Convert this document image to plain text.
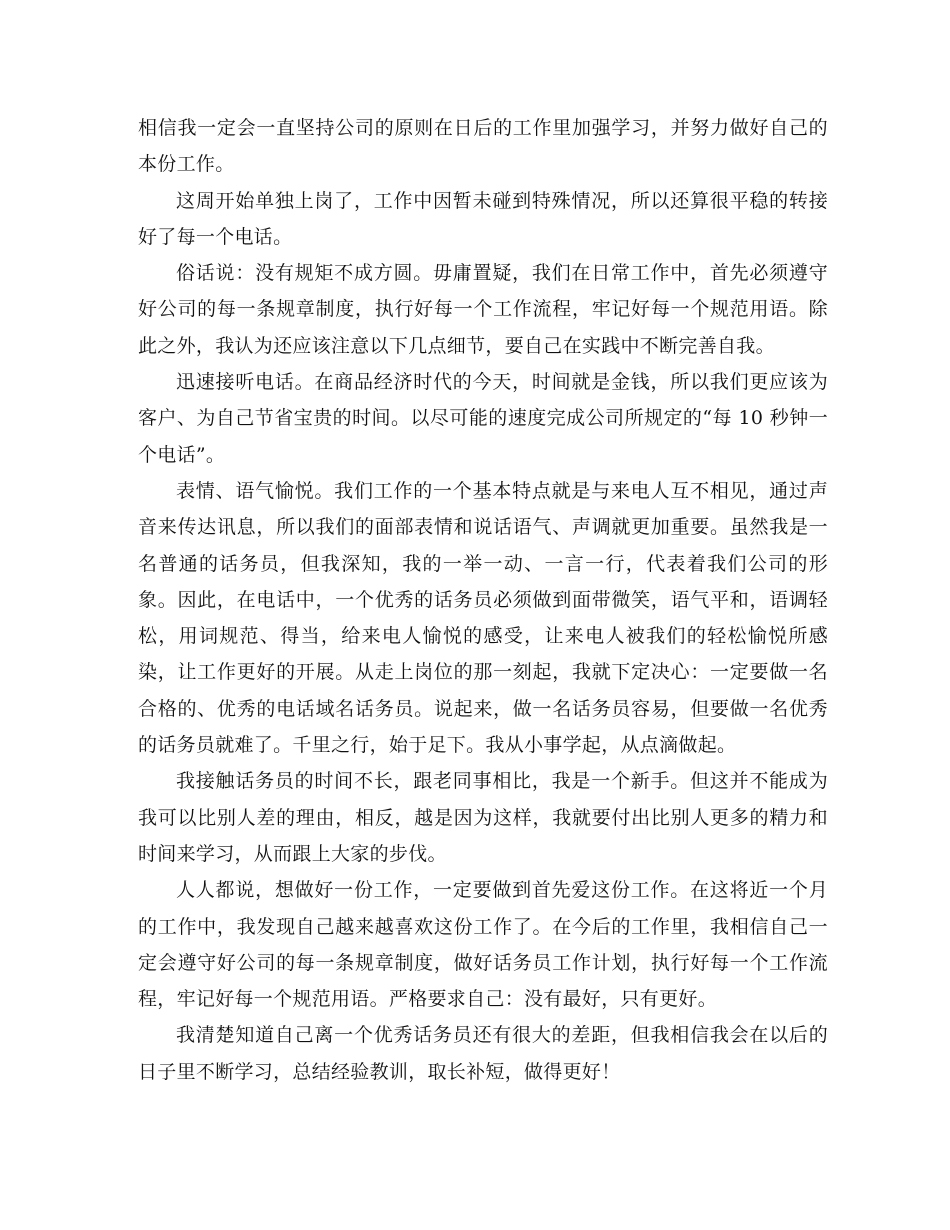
相信我一定会一直坚持公司的原则在日后的工作里加强学习，并努力做好自己的本份工作。

这周开始单独上岗了，工作中因暂未碰到特殊情况，所以还算很平稳的转接好了每一个电话。

俗话说：没有规矩不成方圆。毋庸置疑，我们在日常工作中，首先必须遵守好公司的每一条规章制度，执行好每一个工作流程，牢记好每一个规范用语。除此之外，我认为还应该注意以下几点细节，要自己在实践中不断完善自我。

迅速接听电话。在商品经济时代的今天，时间就是金钱，所以我们更应该为客户、为自己节省宝贵的时间。以尽可能的速度完成公司所规定的“每 10 秒钟一个电话”。

表情、语气愉悦。我们工作的一个基本特点就是与来电人互不相见，通过声音来传达讯息，所以我们的面部表情和说话语气、声调就更加重要。虽然我是一名普通的话务员，但我深知，我的一举一动、一言一行，代表着我们公司的形象。因此，在电话中，一个优秀的话务员必须做到面带微笑，语气平和，语调轻松，用词规范、得当，给来电人愉悦的感受，让来电人被我们的轻松愉悦所感染，让工作更好的开展。从走上岗位的那一刻起，我就下定决心：一定要做一名合格的、优秀的电话域名话务员。说起来，做一名话务员容易，但要做一名优秀的话务员就难了。千里之行，始于足下。我从小事学起，从点滴做起。

我接触话务员的时间不长，跟老同事相比，我是一个新手。但这并不能成为我可以比别人差的理由，相反，越是因为这样，我就要付出比别人更多的精力和时间来学习，从而跟上大家的步伐。

人人都说，想做好一份工作，一定要做到首先爱这份工作。在这将近一个月的工作中，我发现自己越来越喜欢这份工作了。在今后的工作里，我相信自己一定会遵守好公司的每一条规章制度，做好话务员工作计划，执行好每一个工作流程，牢记好每一个规范用语。严格要求自己：没有最好，只有更好。

我清楚知道自己离一个优秀话务员还有很大的差距，但我相信我会在以后的日子里不断学习，总结经验教训，取长补短，做得更好！
